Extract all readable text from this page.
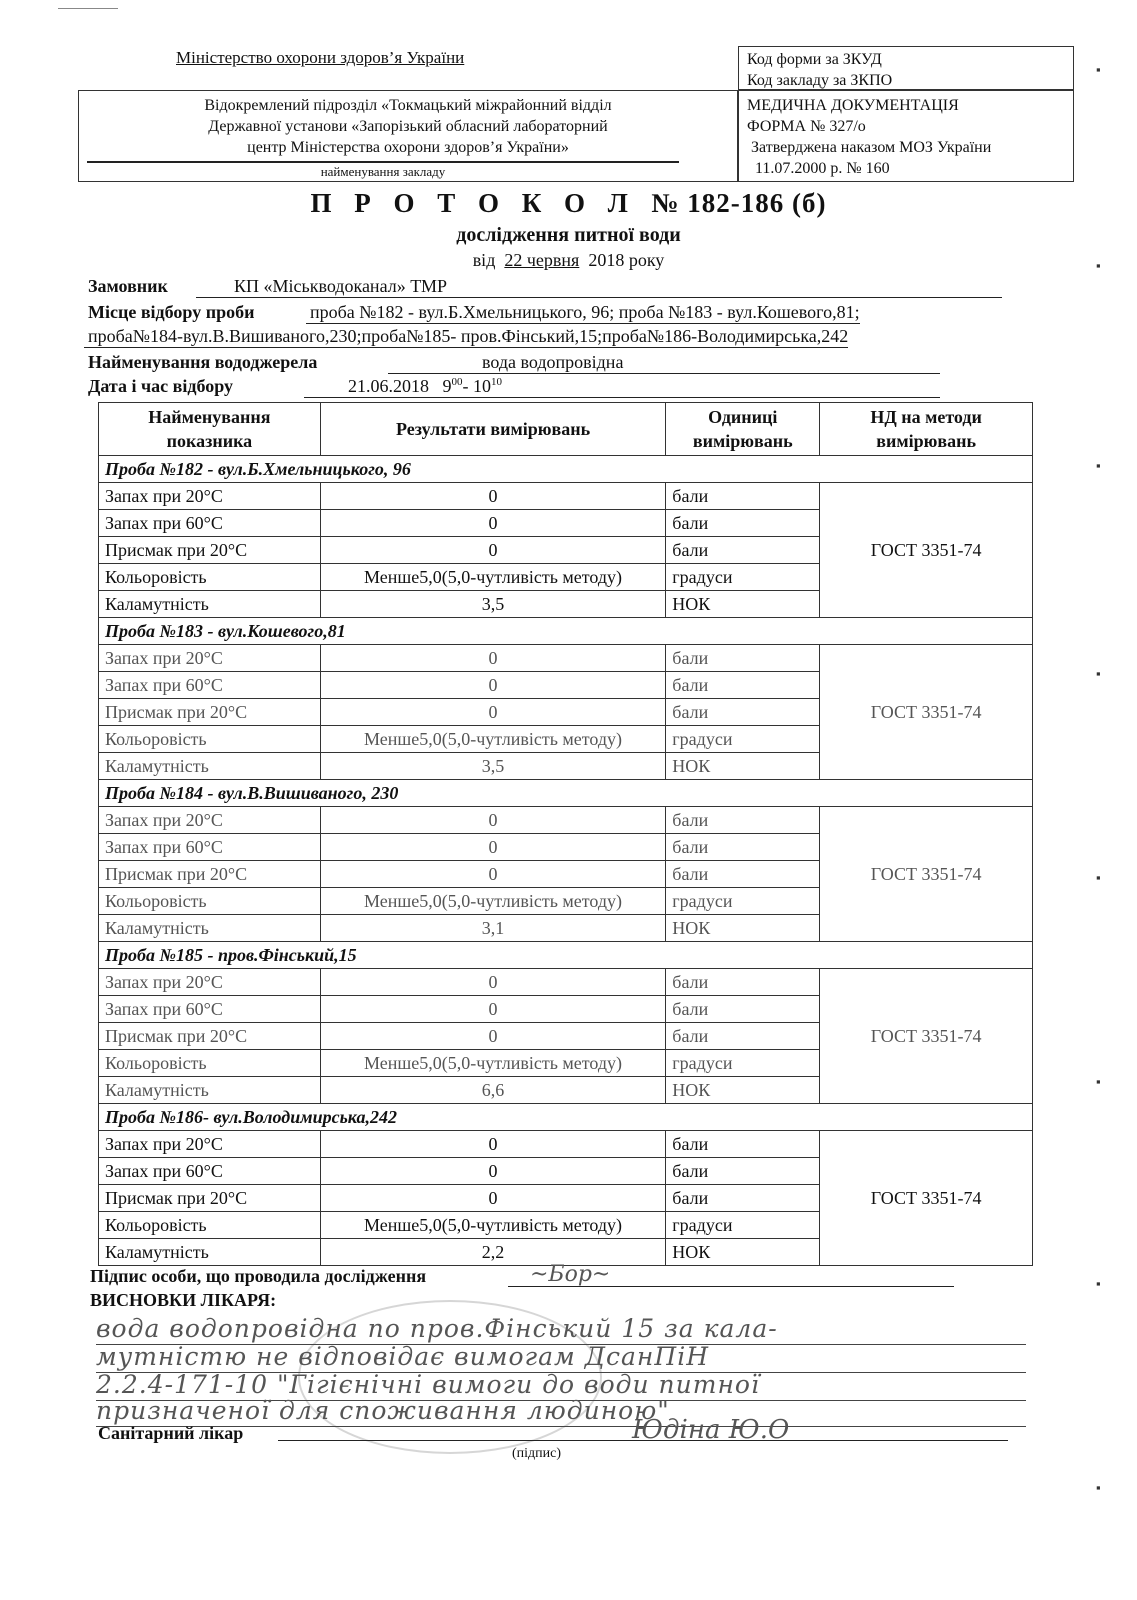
Міністерство охорони здоров’я України	Код форми за ЗКУД
Код закладу за ЗКПО
Відокремлений підрозділ «Токмацький міжрайонний відділ
Державної установи «Запорізький обласний лабораторний
центр Міністерства охорони здоров’я України»
найменування закладу
МЕДИЧНА ДОКУМЕНТАЦІЯ
ФОРМА № 327/о
Затверджена наказом МОЗ України
11.07.2000 р. № 160
П Р О Т О К О Л № 182-186 (б)
дослідження питної води
від 22 червня 2018 року
Замовник	КП «Міськводоканал» ТМР
Місце відбору проби	проба №182 - вул.Б.Хмельницького, 96; проба №183 - вул.Кошевого,81;
проба№184-вул.В.Вишиваного,230;проба№185- пров.Фінський,15;проба№186-Володимирська,242
Найменування вододжерела	вода водопровідна
Дата і час відбору	21.06.2018 $9^{00}-$ $10^{10}$
Найменування показника	Результати вимірювань	Одиниці вимірювань	НД на методи вимірювань
Проба №182 - вул.Б.Хмельницького, 96			
Запах при 20°С	0	бали	ГОСТ 3351-74
Запах при 60°С	0	бали	
Присмак при 20°С	0	бали	
Кольоровість	Менше5,0(5,0-чутливість методу)	градуси	
Каламутність	3,5	НОК	
Проба №183 - вул.Кошевого,81			
Запах при 20°С	0	бали	ГОСТ 3351-74
Запах при 60°С	0	бали	
Присмак при 20°С	0	бали	
Кольоровість	Менше5,0(5,0-чутливість методу)	градуси	
Каламутність	3,5	НОК	
Проба №184 - вул.В.Вишиваного, 230			
Запах при 20°С	0	бали	ГОСТ 3351-74
Запах при 60°С	0	бали	
Присмак при 20°С	0	бали	
Кольоровість	Менше5,0(5,0-чутливість методу)	градуси	
Каламутність	3,1	НОК	
Проба №185 - пров.Фінський,15			
Запах при 20°С	0	бали	ГОСТ 3351-74
Запах при 60°С	0	бали	
Присмак при 20°С	0	бали	
Кольоровість	Менше5,0(5,0-чутливість методу)	градуси	
Каламутність	6,6	НОК	
Проба №186- вул.Володимирська,242			
Запах при 20°С	0	бали	ГОСТ 3351-74
Запах при 60°С	0	бали	
Присмак при 20°С	0	бали	
Кольоровість	Менше5,0(5,0-чутливість методу)	градуси	
Каламутність	2,2	НОК	
Підпис особи, що проводила дослідження	~Бор~
ВИСНОВКИ ЛІКАРЯ:
вода водопровідна по пров.Фінський 15 за кала-
мутністю не відповідає вимогам ДсанПіН
2.2.4-171-10 "Гігієнічні вимоги до води питної
призначеної для споживання людиною"
Санітарний лікар	Юдіна Ю.О
(підпис)
▪
▪
▪
▪
▪
▪
▪
▪
